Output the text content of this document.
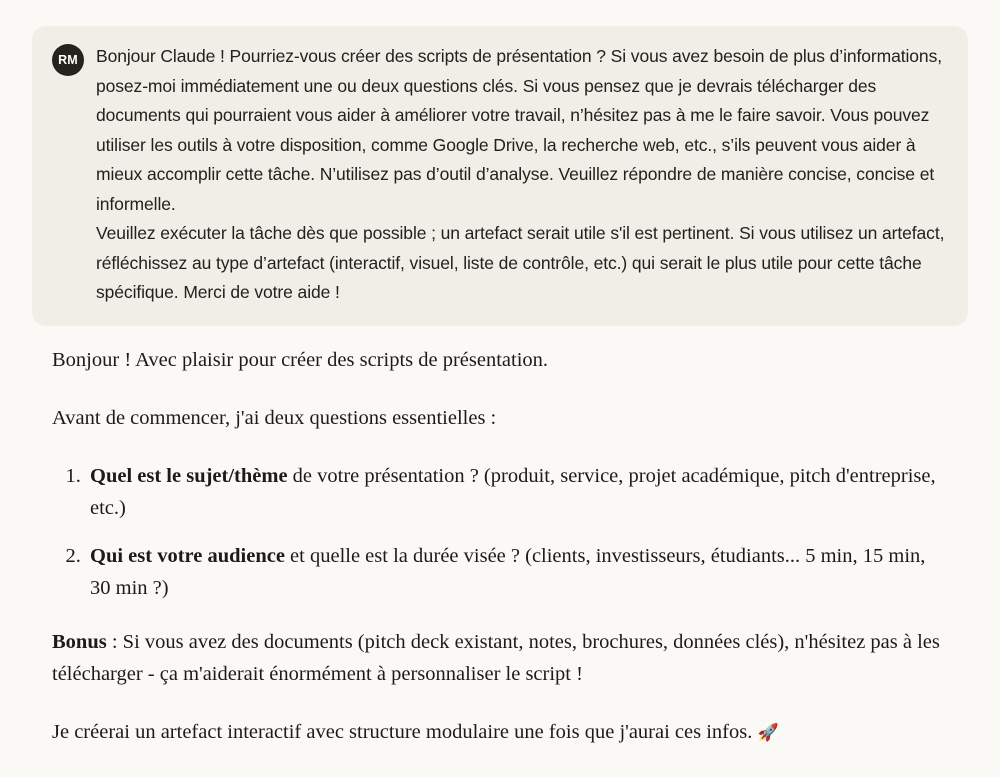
RM	Bonjour Claude ! Pourriez-vous créer des scripts de présentation ? Si vous avez besoin de plus d’informations, posez-moi immédiatement une ou deux questions clés. Si vous pensez que je devrais télécharger des documents qui pourraient vous aider à améliorer votre travail, n’hésitez pas à me le faire savoir. Vous pouvez utiliser les outils à votre disposition, comme Google Drive, la recherche web, etc., s’ils peuvent vous aider à mieux accomplir cette tâche. N’utilisez pas d’outil d’analyse. Veuillez répondre de manière concise, concise et informelle.

Veuillez exécuter la tâche dès que possible ; un artefact serait utile s'il est pertinent. Si vous utilisez un artefact, réfléchissez au type d’artefact (interactif, visuel, liste de contrôle, etc.) qui serait le plus utile pour cette tâche spécifique. Merci de votre aide !

Bonjour ! Avec plaisir pour créer des scripts de présentation.

Avant de commencer, j'ai deux questions essentielles :

1. Quel est le sujet/thème de votre présentation ? (produit, service, projet académique, pitch d'entreprise, etc.)
2. Qui est votre audience et quelle est la durée visée ? (clients, investisseurs, étudiants... 5 min, 15 min, 30 min ?)

Bonus : Si vous avez des documents (pitch deck existant, notes, brochures, données clés), n'hésitez pas à les télécharger - ça m'aiderait énormément à personnaliser le script !

Je créerai un artefact interactif avec structure modulaire une fois que j'aurai ces infos. 🚀
